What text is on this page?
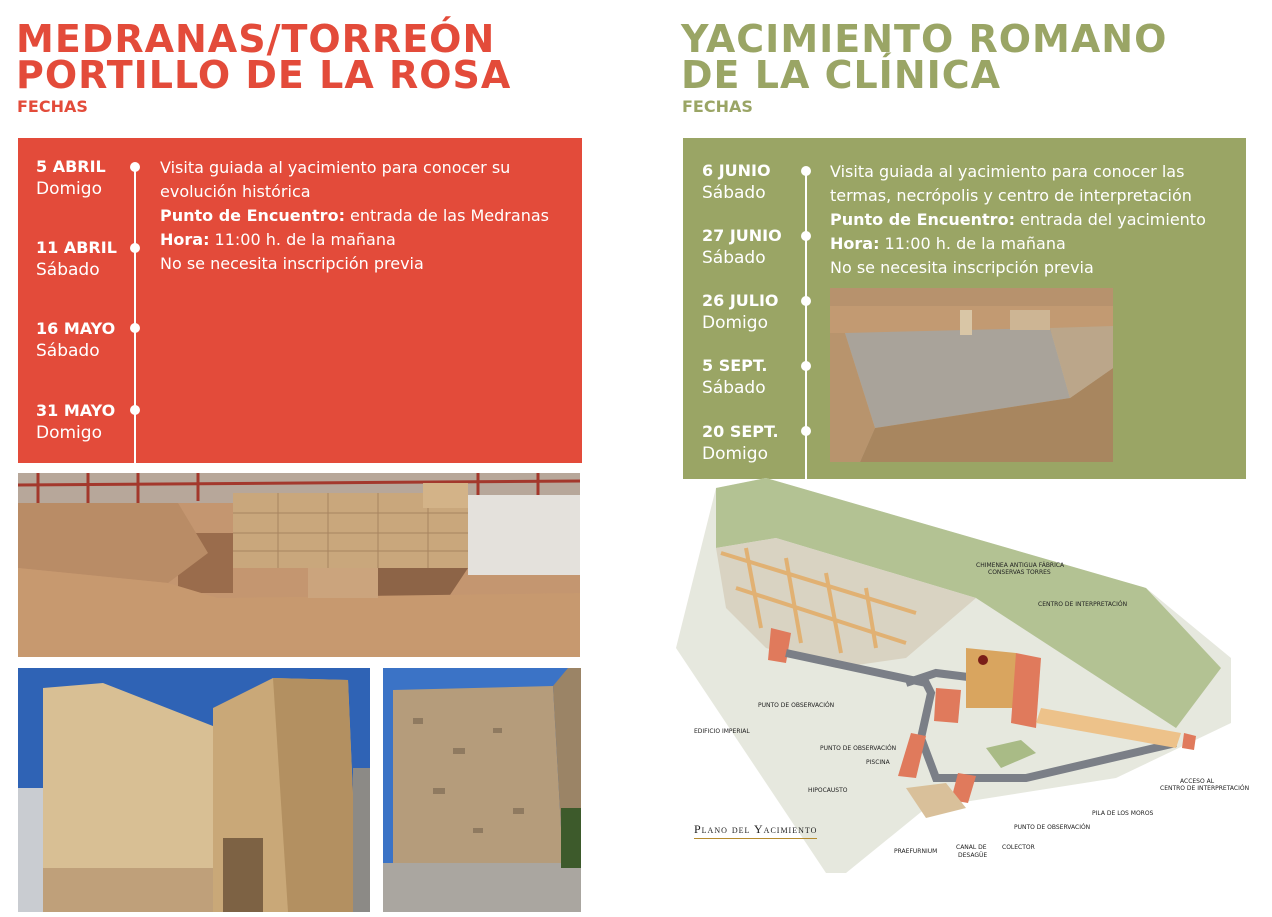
MEDRANAS/TORREÓN
PORTILLO DE LA ROSA
FECHAS
5 ABRIL
Domigo
11 ABRIL
Sábado
16 MAYO
Sábado
31 MAYO
Domigo

Visita guiada al yacimiento para conocer su

evolución histórica

Punto de Encuentro: entrada de las Medranas

Hora: 11:00 h. de la mañana

No se necesita inscripción previa

YACIMIENTO ROMANO
DE LA CLÍNICA
FECHAS
6 JUNIO
Sábado
27 JUNIO
Sábado
26 JULIO
Domigo
5 SEPT.
Sábado
20 SEPT.
Domigo

Visita guiada al yacimiento para conocer las

termas, necrópolis y centro de interpretación

Punto de Encuentro: entrada del yacimiento

Hora: 11:00 h. de la mañana

No se necesita inscripción previa

CHIMENEA ANTIGUA FÁBRICA
CONSERVAS TORRES
CENTRO DE INTERPRETACIÓN
PUNTO DE OBSERVACIÓN
EDIFICIO IMPERIAL
PUNTO DE OBSERVACIÓN
PISCINA
HIPOCAUSTO
PRAEFURNIUM
CANAL DE
DESAGÜE
COLECTOR
PUNTO DE OBSERVACIÓN
PILA DE LOS MOROS
ACCESO AL
CENTRO DE INTERPRETACIÓN
Plano del Yacimiento
